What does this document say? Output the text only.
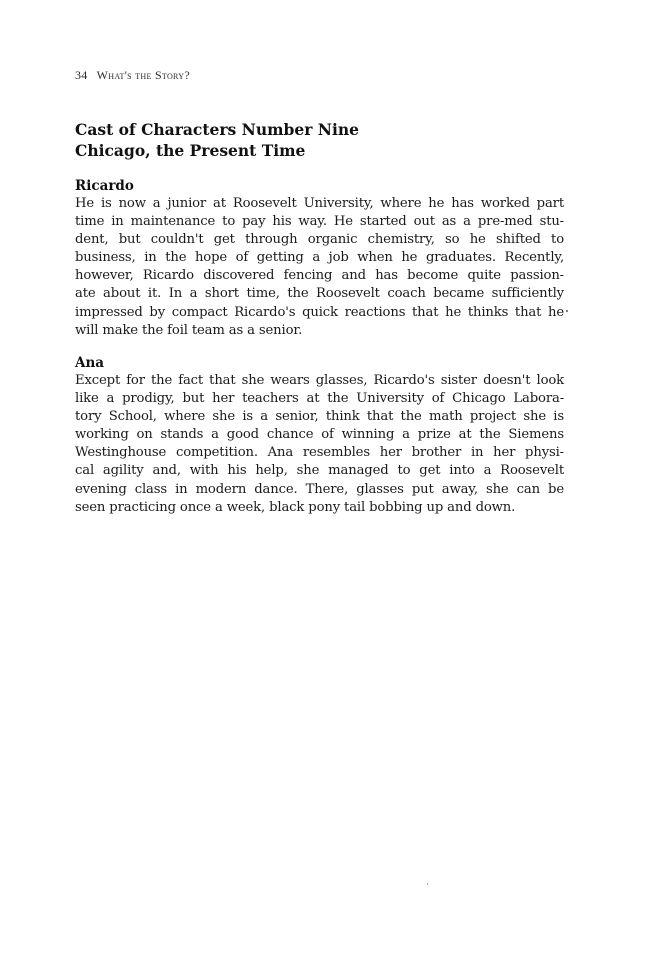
34 What's the Story?
Cast of Characters Number Nine
Chicago, the Present Time
Ricardo

He is now a junior at Roosevelt University, where he has worked part
time in maintenance to pay his way. He started out as a pre-med stu-
dent, but couldn't get through organic chemistry, so he shifted to
business, in the hope of getting a job when he graduates. Recently,
however, Ricardo discovered fencing and has become quite passion-
ate about it. In a short time, the Roosevelt coach became sufficiently
impressed by compact Ricardo's quick reactions that he thinks that he
will make the foil team as a senior.

Ana

Except for the fact that she wears glasses, Ricardo's sister doesn't look
like a prodigy, but her teachers at the University of Chicago Labora-
tory School, where she is a senior, think that the math project she is
working on stands a good chance of winning a prize at the Siemens
Westinghouse competition. Ana resembles her brother in her physi-
cal agility and, with his help, she managed to get into a Roosevelt
evening class in modern dance. There, glasses put away, she can be
seen practicing once a week, black pony tail bobbing up and down.
